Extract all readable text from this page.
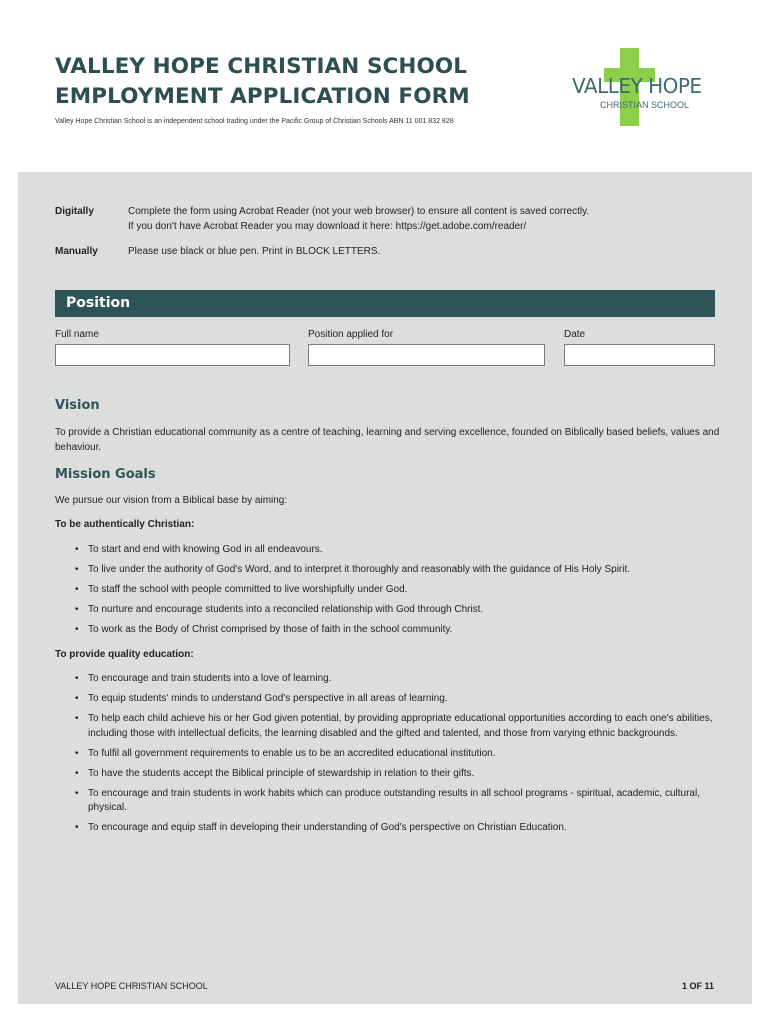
VALLEY HOPE CHRISTIAN SCHOOL
EMPLOYMENT APPLICATION FORM
Valley Hope Christian School is an independent school trading under the Pacific Group of Christian Schools ABN 11 001 832 828
VALLEY HOPE
CHRISTIAN SCHOOL
Digitally	Complete the form using Acrobat Reader (not your web browser) to ensure all content is saved correctly.
If you don't have Acrobat Reader you may download it here: https://get.adobe.com/reader/
Manually	Please use black or blue pen. Print in BLOCK LETTERS.
Position
Full name	Position applied for	Date
Vision

To provide a Christian educational community as a centre of teaching, learning and serving excellence, founded on Biblically based beliefs, values and behaviour.

Mission Goals

We pursue our vision from a Biblical base by aiming:

To be authentically Christian:
• To start and end with knowing God in all endeavours.
• To live under the authority of God's Word, and to interpret it thoroughly and reasonably with the guidance of His Holy Spirit.
• To staff the school with people committed to live worshipfully under God.
• To nurture and encourage students into a reconciled relationship with God through Christ.
• To work as the Body of Christ comprised by those of faith in the school community.
To provide quality education:
• To encourage and train students into a love of learning.
• To equip students' minds to understand God's perspective in all areas of learning.
• To help each child achieve his or her God given potential, by providing appropriate educational opportunities according to each one's abilities, including those with intellectual deficits, the learning disabled and the gifted and talented, and those from varying ethnic backgrounds.
• To fulfil all government requirements to enable us to be an accredited educational institution.
• To have the students accept the Biblical principle of stewardship in relation to their gifts.
• To encourage and train students in work habits which can produce outstanding results in all school programs - spiritual, academic, cultural, physical.
• To encourage and equip staff in developing their understanding of God's perspective on Christian Education.
VALLEY HOPE CHRISTIAN SCHOOL	1 OF 11
